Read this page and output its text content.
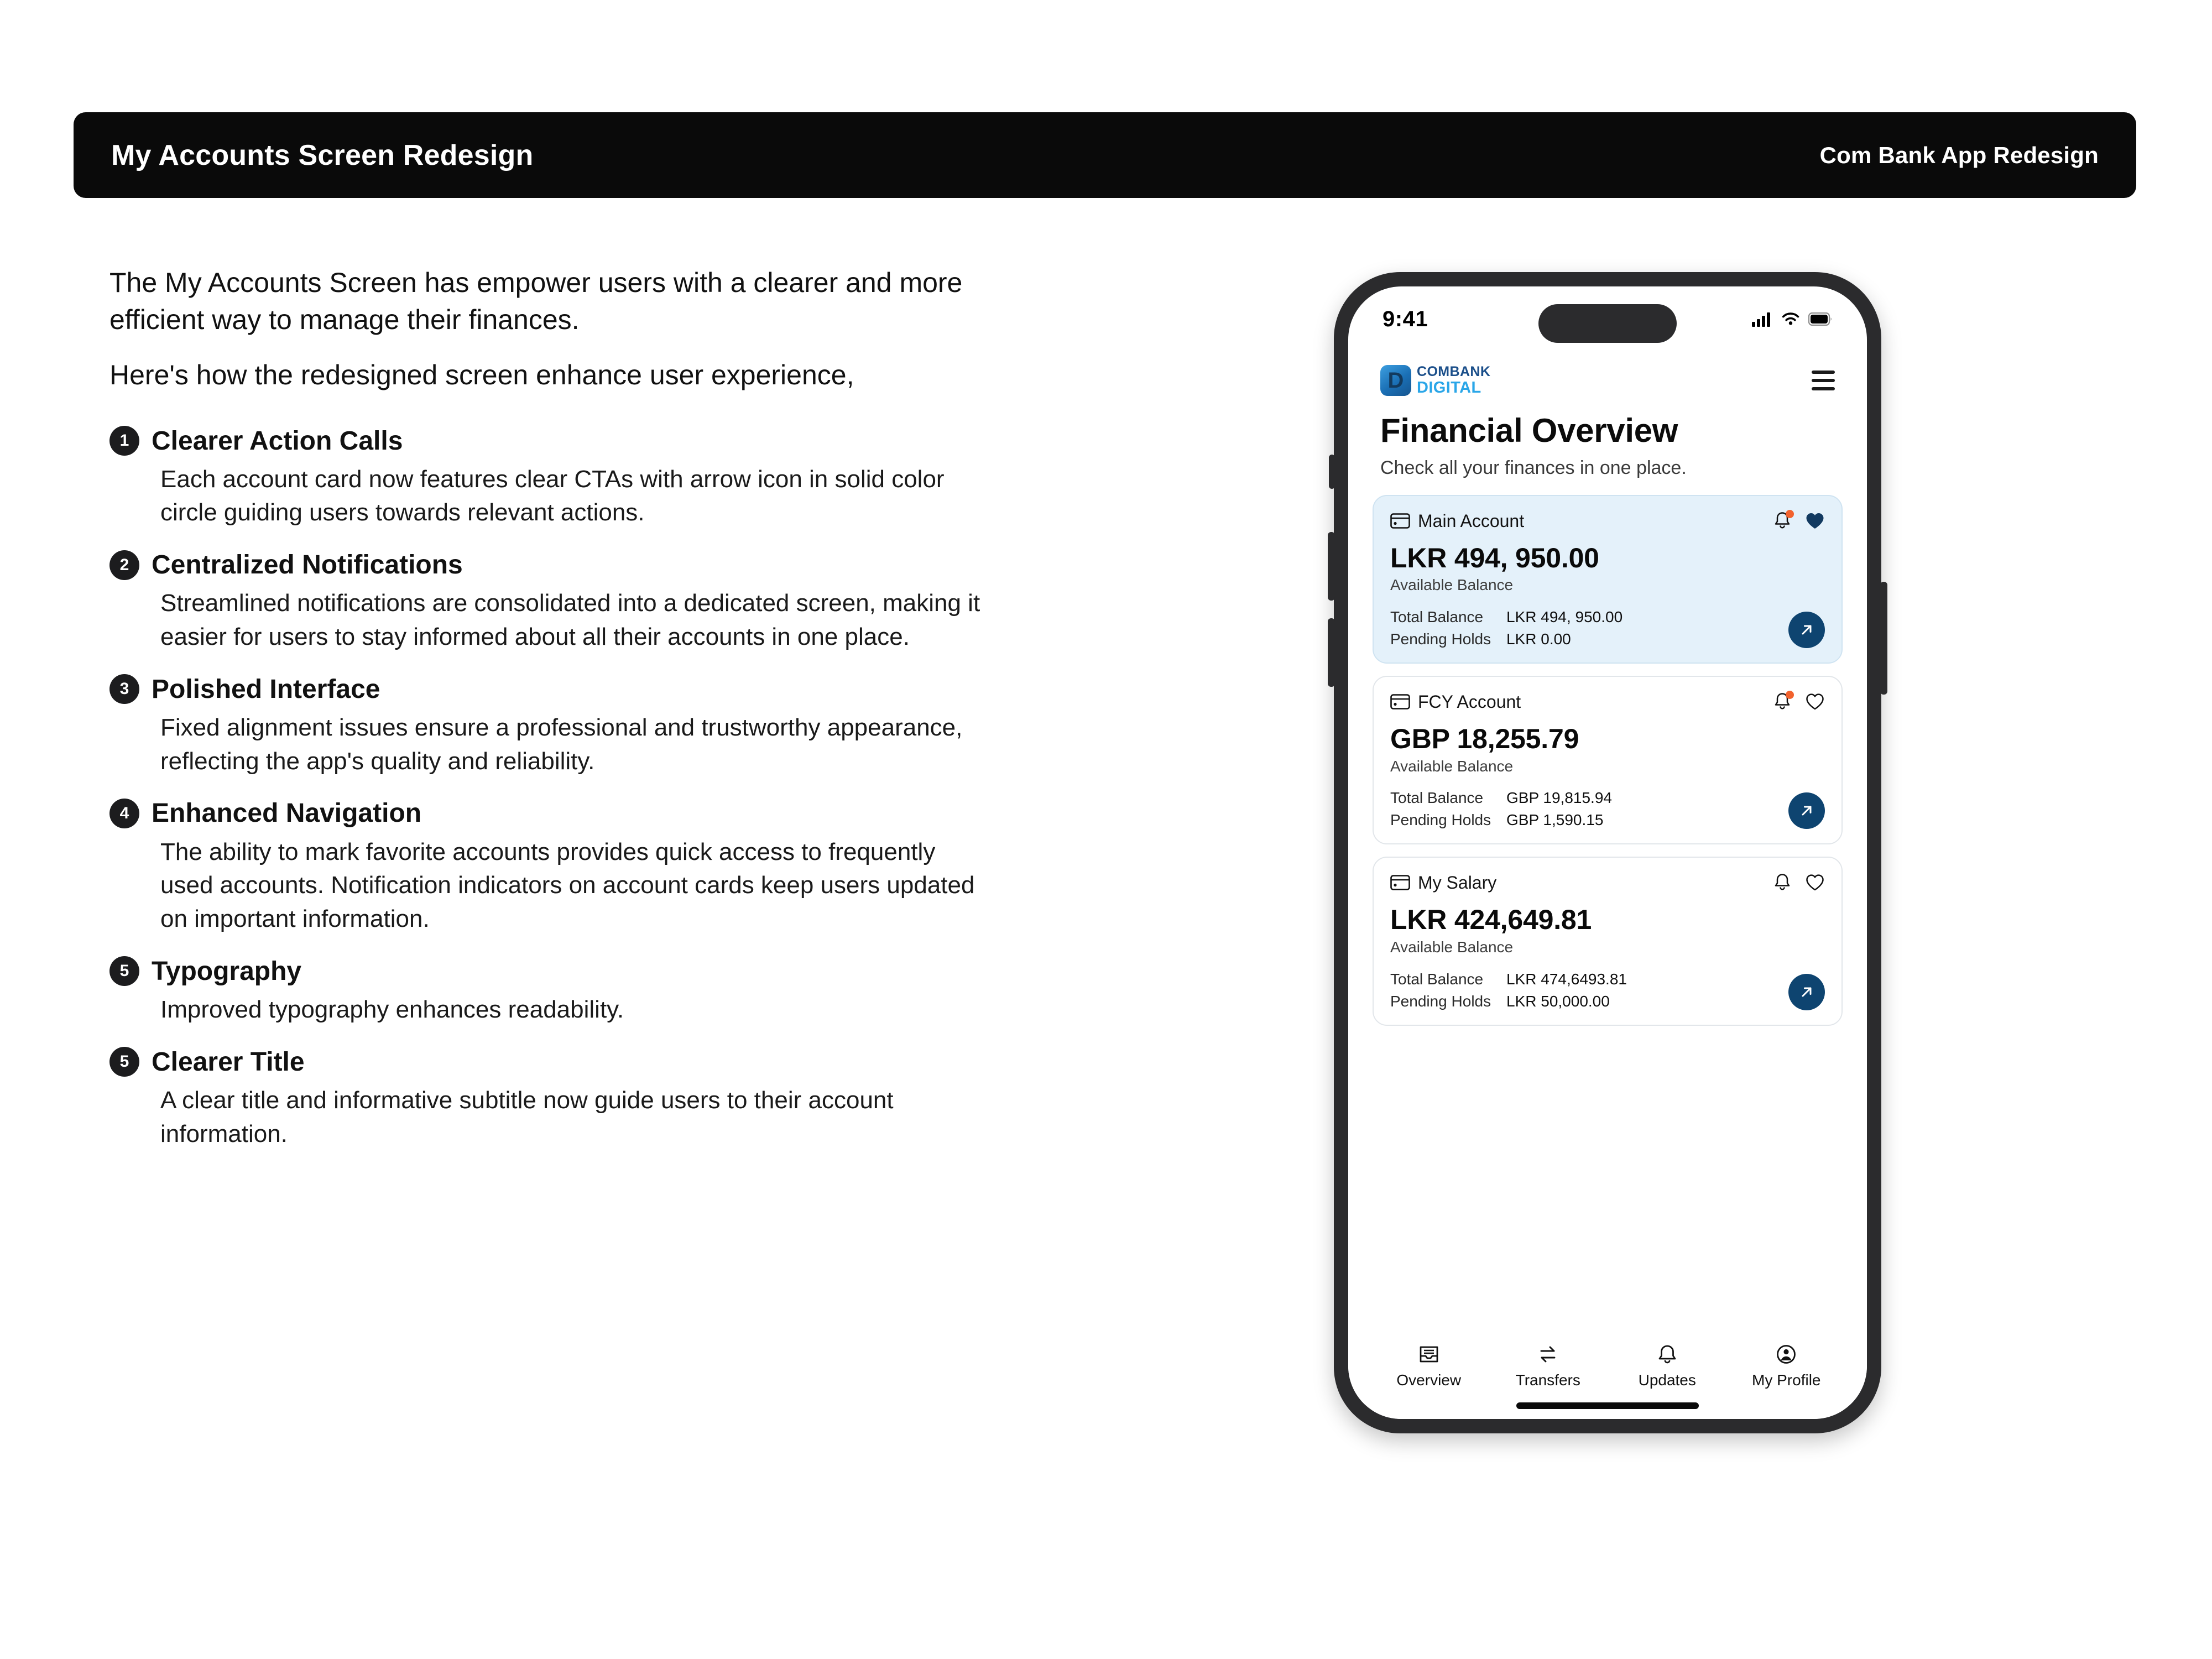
My Accounts Screen Redesign	Com Bank App Redesign

The My Accounts Screen has empower users with a clearer and more efficient way to manage their finances.

Here's how the redesigned screen enhance user experience,

1 Clearer Action Calls
Each account card now features clear CTAs with arrow icon in solid color circle guiding users towards relevant actions.
2 Centralized Notifications
Streamlined notifications are consolidated into a dedicated screen, making it easier for users to stay informed about all their accounts in one place.
3 Polished Interface
Fixed alignment issues ensure a professional and trustworthy appearance, reflecting the app's quality and reliability.
4 Enhanced Navigation
The ability to mark favorite accounts provides quick access to frequently used accounts. Notification indicators on account cards keep users updated on important information.
5 Typography
Improved typography enhances readability.
5 Clearer Title
A clear title and informative subtitle now guide users to their account information.
9:41
D COMBANK
DIGITAL
Financial Overview
Check all your finances in one place.
Main Account
LKR 494, 950.00
Available Balance
Total Balance	LKR 494, 950.00
Pending Holds LKR 0.00
FCY Account
GBP 18,255.79
Available Balance
Total Balance	GBP 19,815.94
Pending Holds GBP 1,590.15
My Salary
LKR 424,649.81
Available Balance
Total Balance	LKR 474,6493.81
Pending Holds LKR 50,000.00
Overview	Transfers	Updates	My Profile
